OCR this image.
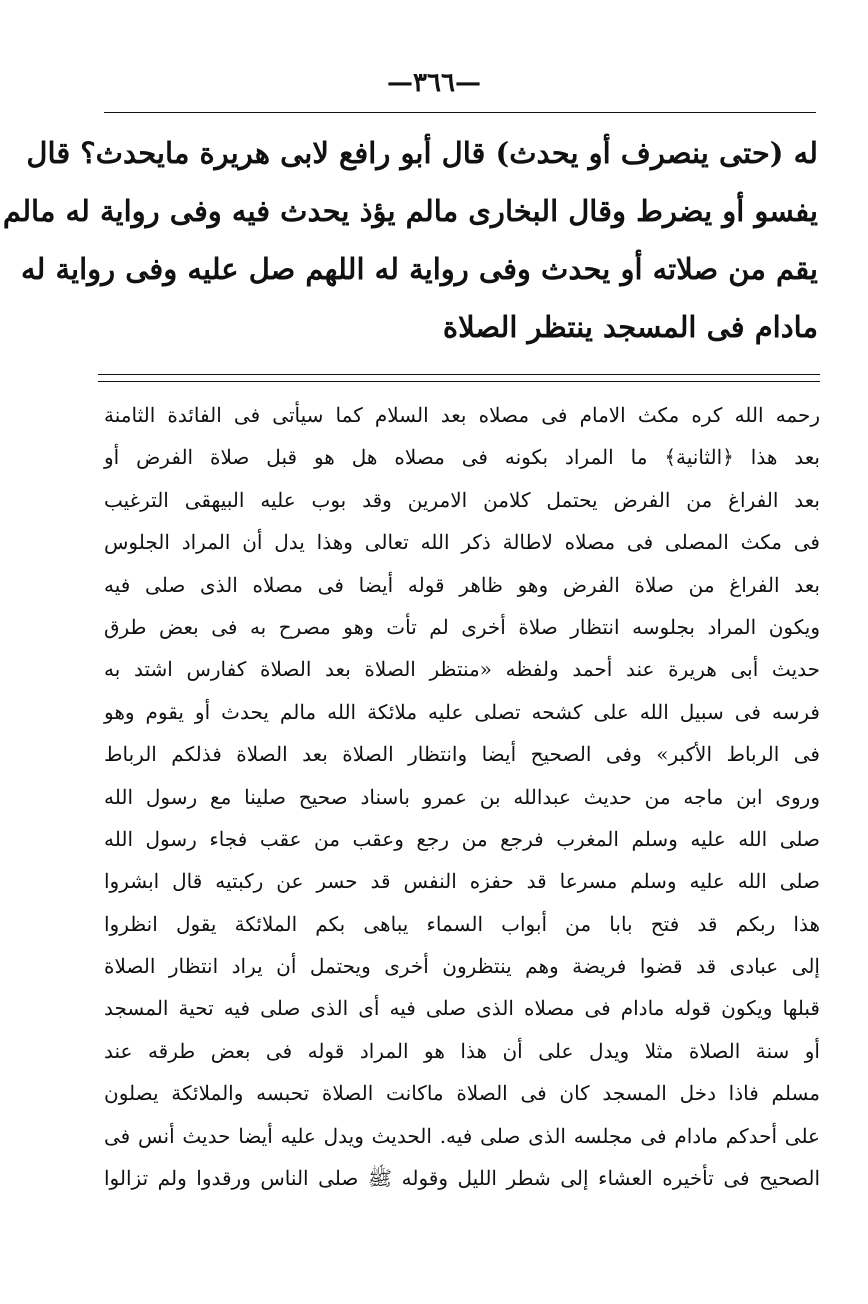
—٣٦٦—
له (حتى ينصرف أو يحدث) قال أبو رافع لابى هريرة مايحدث؟ قال
يفسو أو يضرط وقال البخارى مالم يؤذ يحدث فيه وفى رواية له مالم
يقم من صلاته أو يحدث وفى رواية له اللهم صل عليه وفى رواية له
مادام فى المسجد ينتظر الصلاة
رحمه الله كره مكث الامام فى مصلاه بعد السلام كما سيأتى فى الفائدة الثامنة
بعد هذا ﴿الثانية﴾ ما المراد بكونه فى مصلاه هل هو قبل صلاة الفرض أو
بعد الفراغ من الفرض يحتمل كلامن الامرين وقد بوب عليه البيهقى الترغيب
فى مكث المصلى فى مصلاه لاطالة ذكر الله تعالى وهذا يدل أن المراد الجلوس
بعد الفراغ من صلاة الفرض وهو ظاهر قوله أيضا فى مصلاه الذى صلى فيه
ويكون المراد بجلوسه انتظار صلاة أخرى لم تأت وهو مصرح به فى بعض طرق
حديث أبى هريرة عند أحمد ولفظه «منتظر الصلاة بعد الصلاة كفارس اشتد به
فرسه فى سبيل الله على كشحه تصلى عليه ملائكة الله مالم يحدث أو يقوم وهو
فى الرباط الأكبر» وفى الصحيح أيضا وانتظار الصلاة بعد الصلاة فذلكم الرباط
وروى ابن ماجه من حديث عبدالله بن عمرو باسناد صحيح صلينا مع رسول الله
صلى الله عليه وسلم المغرب فرجع من رجع وعقب من عقب فجاء رسول الله
صلى الله عليه وسلم مسرعا قد حفزه النفس قد حسر عن ركبتيه قال ابشروا
هذا ربكم قد فتح بابا من أبواب السماء يباهى بكم الملائكة يقول انظروا
إلى عبادى قد قضوا فريضة وهم ينتظرون أخرى ويحتمل أن يراد انتظار الصلاة
قبلها ويكون قوله مادام فى مصلاه الذى صلى فيه أى الذى صلى فيه تحية المسجد
أو سنة الصلاة مثلا ويدل على أن هذا هو المراد قوله فى بعض طرقه عند
مسلم فاذا دخل المسجد كان فى الصلاة ماكانت الصلاة تحبسه والملائكة يصلون
على أحدكم مادام فى مجلسه الذى صلى فيه. الحديث ويدل عليه أيضا حديث أنس فى
الصحيح فى تأخيره العشاء إلى شطر الليل وقوله ﷺ صلى الناس ورقدوا ولم تزالوا
